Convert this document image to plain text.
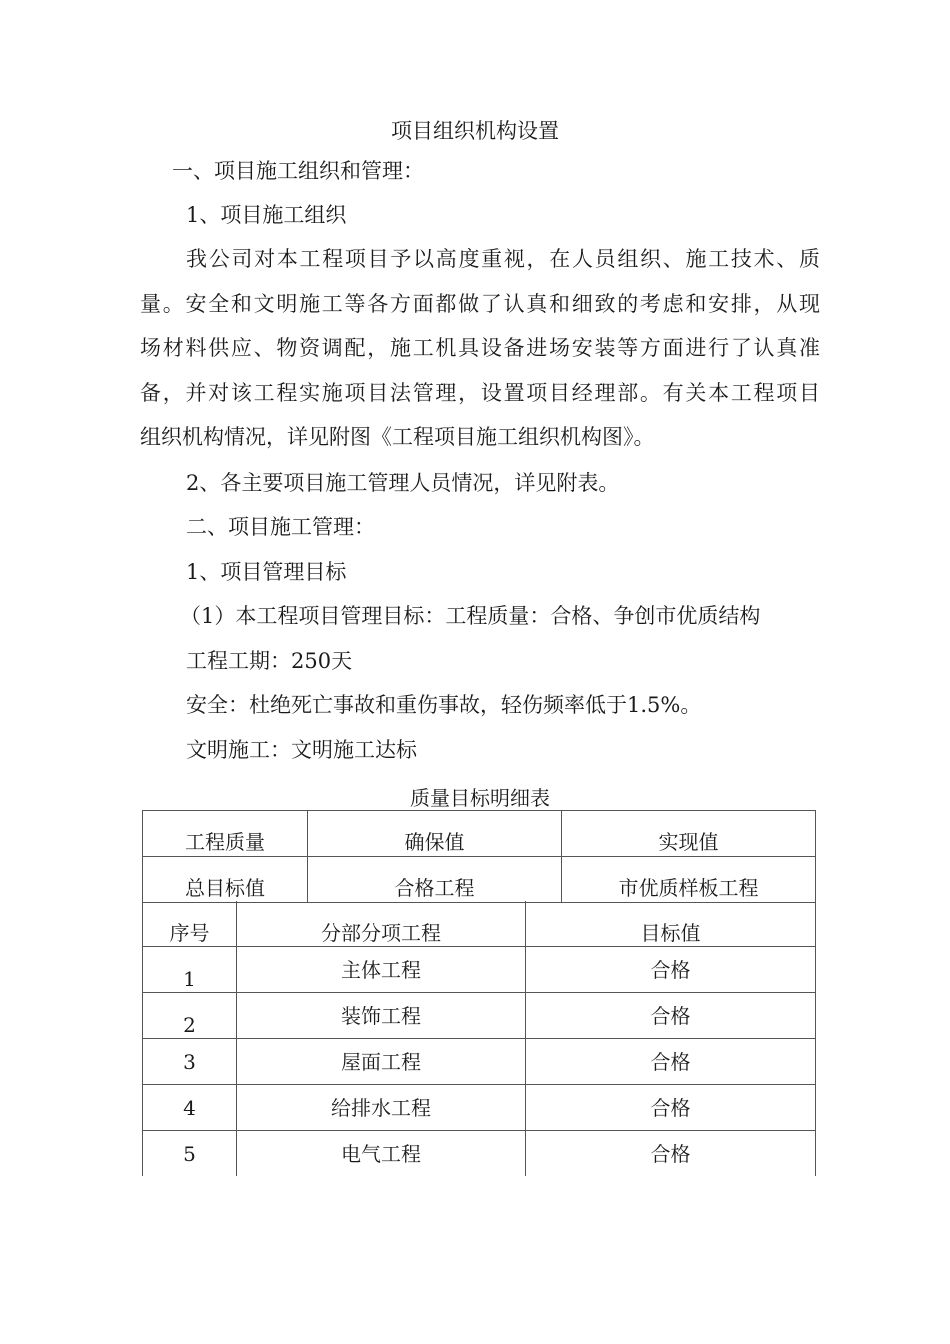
项目组织机构设置
一、项目施工组织和管理：
1、项目施工组织
我公司对本工程项目予以高度重视，在人员组织、施工技术、质
量。安全和文明施工等各方面都做了认真和细致的考虑和安排，从现
场材料供应、物资调配，施工机具设备进场安装等方面进行了认真准
备，并对该工程实施项目法管理，设置项目经理部。有关本工程项目
组织机构情况，详见附图《工程项目施工组织机构图》。
2、各主要项目施工管理人员情况，详见附表。
二、项目施工管理：
1、项目管理目标
（1）本工程项目管理目标：工程质量：合格、争创市优质结构
工程工期：250天
安全：杜绝死亡事故和重伤事故，轻伤频率低于1.5%。
文明施工：文明施工达标
质量目标明细表
工程质量	确保值	实现值
总目标值	合格工程	市优质样板工程
序号	分部分项工程	目标值
1	主体工程	合格
2	装饰工程	合格
3	屋面工程	合格
4	给排水工程	合格
5	电气工程	合格
